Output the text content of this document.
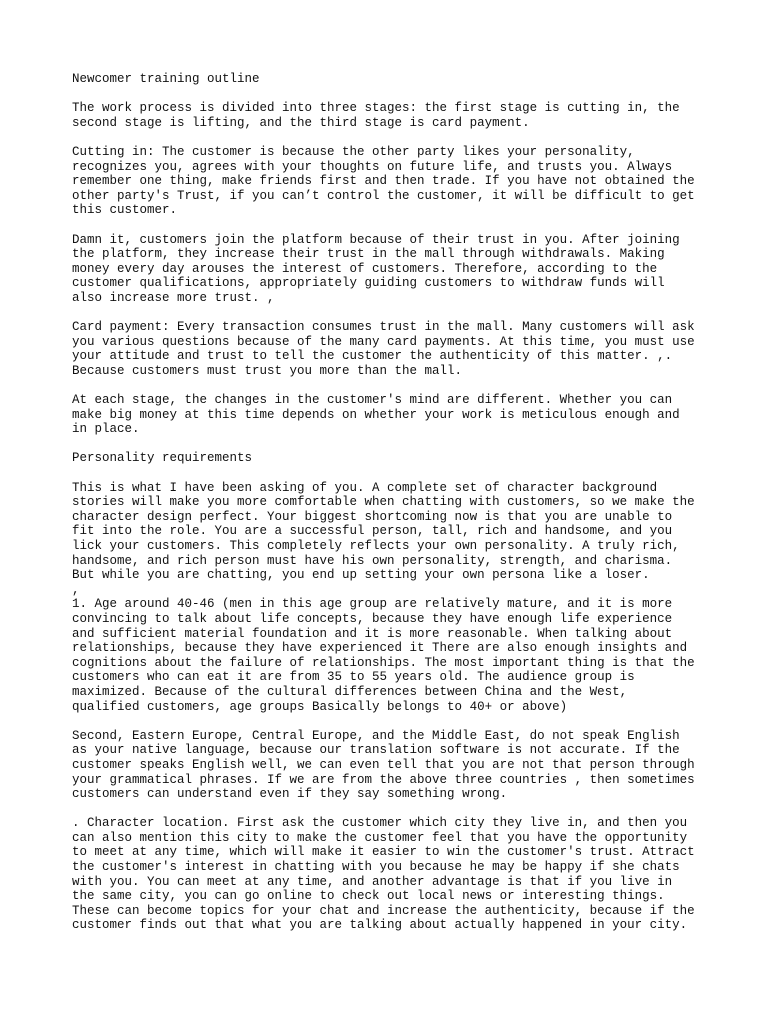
Newcomer training outline

The work process is divided into three stages: the first stage is cutting in, the
second stage is lifting, and the third stage is card payment.

Cutting in: The customer is because the other party likes your personality,
recognizes you, agrees with your thoughts on future life, and trusts you. Always
remember one thing, make friends first and then trade. If you have not obtained the
other party's Trust, if you can’t control the customer, it will be difficult to get
this customer.

Damn it, customers join the platform because of their trust in you. After joining
the platform, they increase their trust in the mall through withdrawals. Making
money every day arouses the interest of customers. Therefore, according to the
customer qualifications, appropriately guiding customers to withdraw funds will
also increase more trust. ,

Card payment: Every transaction consumes trust in the mall. Many customers will ask
you various questions because of the many card payments. At this time, you must use
your attitude and trust to tell the customer the authenticity of this matter. ,.
Because customers must trust you more than the mall.

At each stage, the changes in the customer's mind are different. Whether you can
make big money at this time depends on whether your work is meticulous enough and
in place.

Personality requirements

This is what I have been asking of you. A complete set of character background
stories will make you more comfortable when chatting with customers, so we make the
character design perfect. Your biggest shortcoming now is that you are unable to
fit into the role. You are a successful person, tall, rich and handsome, and you
lick your customers. This completely reflects your own personality. A truly rich,
handsome, and rich person must have his own personality, strength, and charisma.
But while you are chatting, you end up setting your own persona like a loser.
,

1. Age around 40-46 (men in this age group are relatively mature, and it is more
convincing to talk about life concepts, because they have enough life experience
and sufficient material foundation and it is more reasonable. When talking about
relationships, because they have experienced it There are also enough insights and
cognitions about the failure of relationships. The most important thing is that the
customers who can eat it are from 35 to 55 years old. The audience group is
maximized. Because of the cultural differences between China and the West,
qualified customers, age groups Basically belongs to 40+ or above)

Second, Eastern Europe, Central Europe, and the Middle East, do not speak English
as your native language, because our translation software is not accurate. If the
customer speaks English well, we can even tell that you are not that person through
your grammatical phrases. If we are from the above three countries , then sometimes
customers can understand even if they say something wrong.

. Character location. First ask the customer which city they live in, and then you
can also mention this city to make the customer feel that you have the opportunity
to meet at any time, which will make it easier to win the customer's trust. Attract
the customer's interest in chatting with you because he may be happy if she chats
with you. You can meet at any time, and another advantage is that if you live in
the same city, you can go online to check out local news or interesting things.
These can become topics for your chat and increase the authenticity, because if the
customer finds out that what you are talking about actually happened in your city.
